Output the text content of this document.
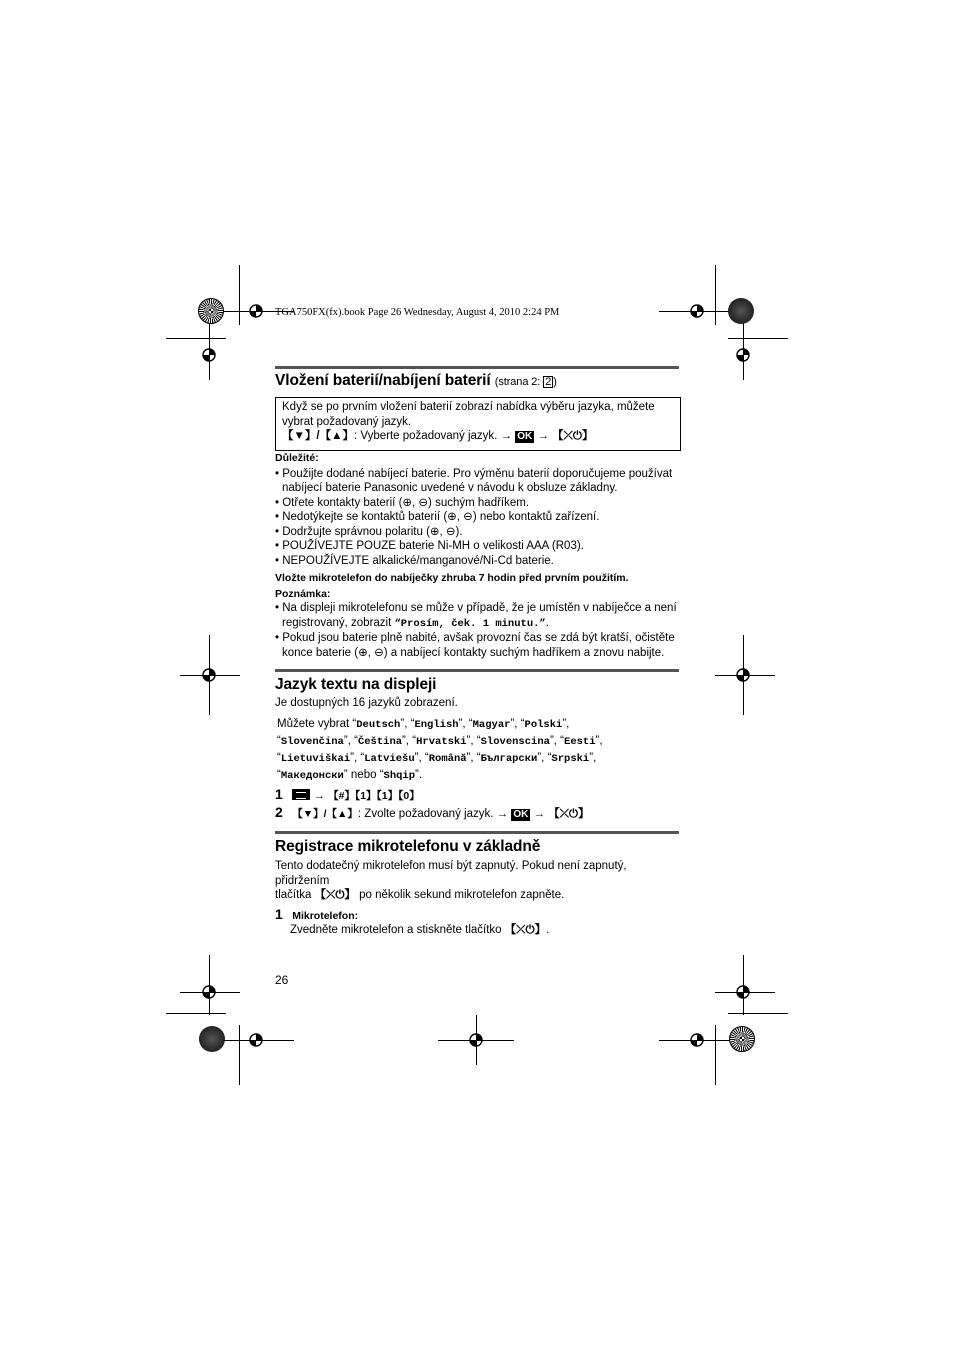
TGA750FX(fx).book Page 26 Wednesday, August 4, 2010 2:24 PM
Vložení baterií/nabíjení baterií (strana 2: 2 )
Když se po prvním vložení baterií zobrazí nabídka výběru jazyka, můžete
vybrat požadovaný jazyk.
【▼】/【▲】: Vyberte požadovaný jazyk. → OK → 【⤫⏻】

Důležité:

• Použijte dodané nabíjecí baterie. Pro výměnu baterií doporučujeme používat nabíjecí baterie Panasonic uvedené v návodu k obsluze základny.

• Otřete kontakty baterií (⊕, ⊖) suchým hadříkem.

• Nedotýkejte se kontaktů baterií (⊕, ⊖) nebo kontaktů zařízení.

• Dodržujte správnou polaritu (⊕, ⊖).

• POUŽÍVEJTE POUZE baterie Ni-MH o velikosti AAA (R03).

• NEPOUŽÍVEJTE alkalické/manganové/Ni-Cd baterie.

Vložte mikrotelefon do nabíječky zhruba 7 hodin před prvním použitím.

Poznámka:

• Na displeji mikrotelefonu se může v případě, že je umístěn v nabíječce a není registrovaný, zobrazit “Prosím, ček. 1 minutu.”.

• Pokud jsou baterie plně nabité, avšak provozní čas se zdá být kratší, očistěte konce baterie (⊕, ⊖) a nabíjecí kontakty suchým hadříkem a znovu nabijte.

Jazyk textu na displeji

Je dostupných 16 jazyků zobrazení.

Můžete vybrat “Deutsch”, “English”, “Magyar”, “Polski”,
“Slovenčina”, “Čeština”, “Hrvatski”, “Slovenscina”, “Eesti”,
“Lietuviškai”, “Latviešu”, “Română”, “Български”, “Srpski”,
“Македонски” nebo “Shqip”.

1	→ 【#】【1】【1】【0】

2 【▼】/【▲】: Zvolte požadovaný jazyk. → OK → 【⤫⏻】

Registrace mikrotelefonu v základně

Tento dodatečný mikrotelefon musí být zapnutý. Pokud není zapnutý, přidržením

tlačítka 【⤫⏻】 po několik sekund mikrotelefon zapněte.

1 Mikrotelefon:

Zvedněte mikrotelefon a stiskněte tlačítko 【⤫⏻】.

26
